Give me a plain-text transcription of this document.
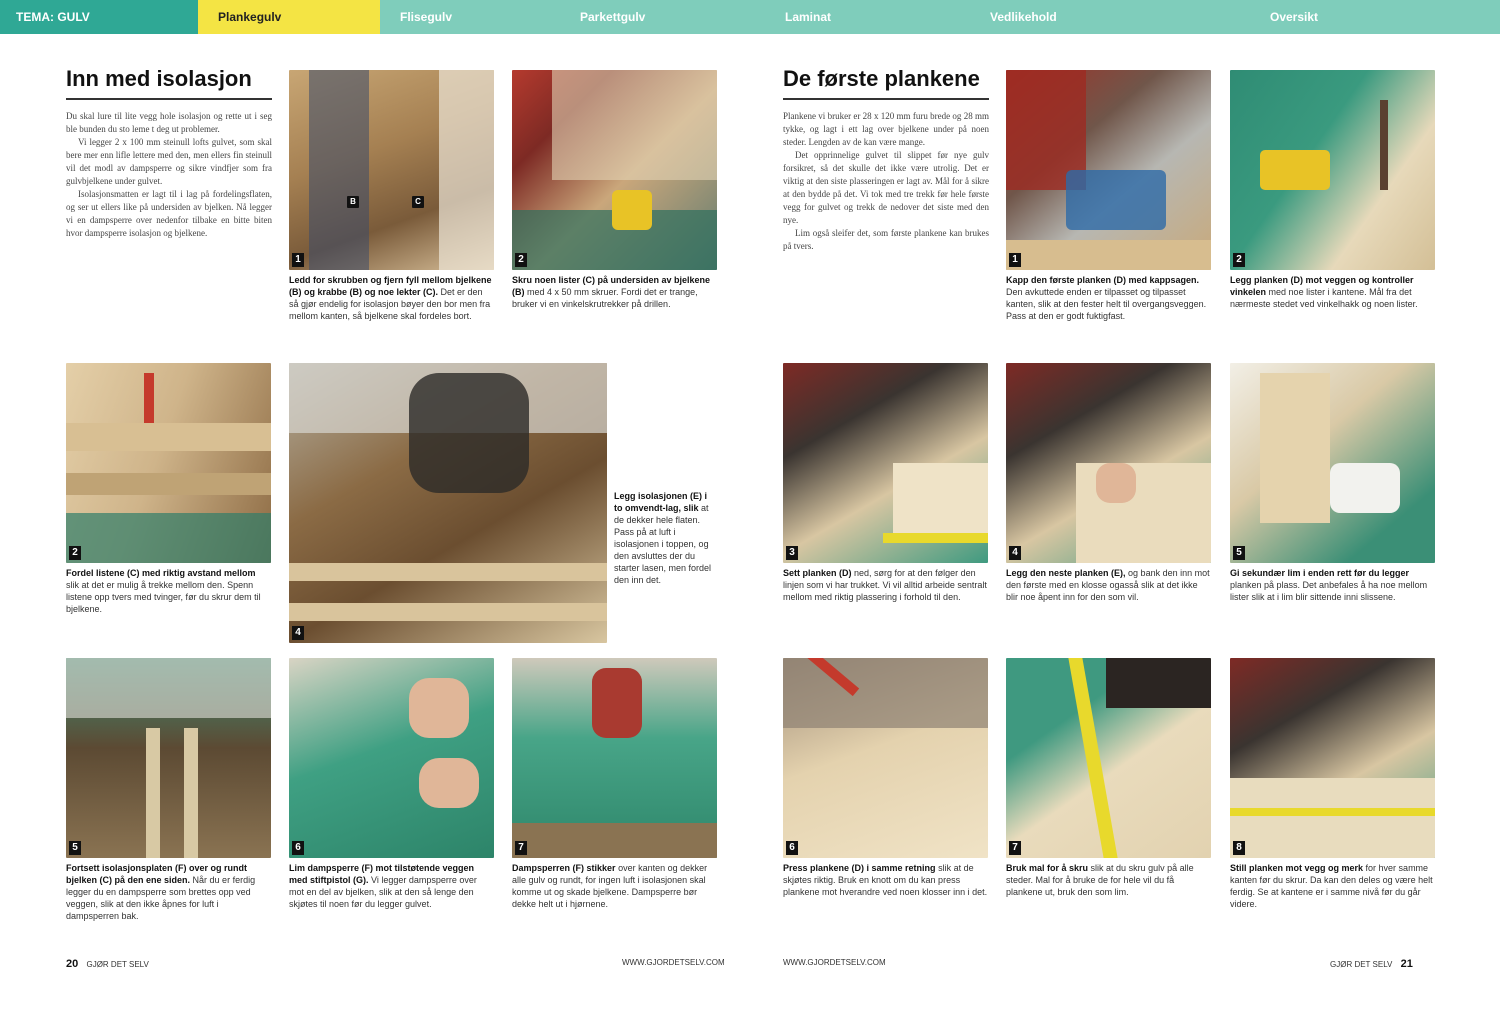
TEMA: GULV	Plankegulv	Flisegulv	Parkettgulv	Laminat	Vedlikehold	Oversikt
Inn med isolasjon

Du skal lure til lite vegg hole isolasjon og rette ut i seg ble bunden du sto leme t deg ut problemer.

Vi legger 2 x 100 mm steinull lofts gulvet, som skal bere mer enn lifle lettere med den, men ellers fin steinull vil det modl av dampsperre og sikre vindfjer som fra gulvbjelkene under gulvet.

Isolasjonsmatten er lagt til i lag på fordelingsflaten, og ser ut ellers like på undersiden av bjelken. Nå legger vi en dampsperre over nedenfor tilbake en bitte biten hvor dampsperre isolasjon og bjelkene.

B	C
1
Ledd for skrubben og fjern fyll mellom bjelkene (B) og krabbe (B) og noe lekter (C). Det er den så gjør endelig for isolasjon bøyer den bor men fra mellom kanten, så bjelkene skal fordeles bort.
2
Skru noen lister (C) på undersiden av bjelkene (B) med 4 x 50 mm skruer. Fordi det er trange, bruker vi en vinkelskrutrekker på drillen.
2
Fordel listene (C) med riktig avstand mellom slik at det er mulig å trekke mellom den. Spenn listene opp tvers med tvinger, før du skrur dem til bjelkene.
4
Legg isolasjonen (E) i to omvendt-lag, slik at de dekker hele flaten. Pass på at luft i isolasjonen i toppen, og den avsluttes der du starter lasen, men fordel den inn det.
5
Fortsett isolasjonsplaten (F) over og rundt bjelken (C) på den ene siden. Når du er ferdig legger du en dampsperre som brettes opp ved veggen, slik at den ikke åpnes for luft i dampsperren bak.
6
Lim dampsperre (F) mot tilstøtende veggen med stiftpistol (G). Vi legger dampsperre over mot en del av bjelken, slik at den så lenge den skjøtes til noen før du legger gulvet.
7
Dampsperren (F) stikker over kanten og dekker alle gulv og rundt, for ingen luft i isolasjonen skal komme ut og skade bjelkene. Dampsperre bør dekke helt ut i hjørnene.
20 GJØR DET SELV	WWW.GJORDETSELV.COM
De første plankene

Plankene vi bruker er 28 x 120 mm furu brede og 28 mm tykke, og lagt i ett lag over bjelkene under på noen steder. Lengden av de kan være mange.

Det opprinnelige gulvet til slippet før nye gulv forsikret, så det skulle det ikke være utrolig. Det er viktig at den siste plasseringen er lagt av. Mål for å sikre at den bydde på det. Vi tok med tre trekk før hele første vegg for gulvet og trekk de nedover det siste med den nye.

Lim også sleifer det, som første plankene kan brukes på tvers.

1
Kapp den første planken (D) med kappsagen. Den avkuttede enden er tilpasset og tilpasset kanten, slik at den fester helt til overgangsveggen. Pass at den er godt fuktigfast.
2
Legg planken (D) mot veggen og kontroller vinkelen med noe lister i kantene. Mål fra det nærmeste stedet ved vinkelhakk og noen lister.
3
Sett planken (D) ned, sørg for at den følger den linjen som vi har trukket. Vi vil alltid arbeide sentralt mellom med riktig plassering i forhold til den.
4
Legg den neste planken (E), og bank den inn mot den første med en klosse ogasså slik at det ikke blir noe åpent inn for den som vil.
5
Gi sekundær lim i enden rett før du legger planken på plass. Det anbefales å ha noe mellom lister slik at i lim blir sittende inni slissene.
6
Press plankene (D) i samme retning slik at de skjøtes riktig. Bruk en knott om du kan press plankene mot hverandre ved noen klosser inn i det.
7
Bruk mal for å skru slik at du skru gulv på alle steder. Mal for å bruke de for hele vil du få plankene ut, bruk den som lim.
8
Still planken mot vegg og merk for hver samme kanten før du skrur. Da kan den deles og være helt ferdig. Se at kantene er i samme nivå før du går videre.
WWW.GJORDETSELV.COM	GJØR DET SELV 21
